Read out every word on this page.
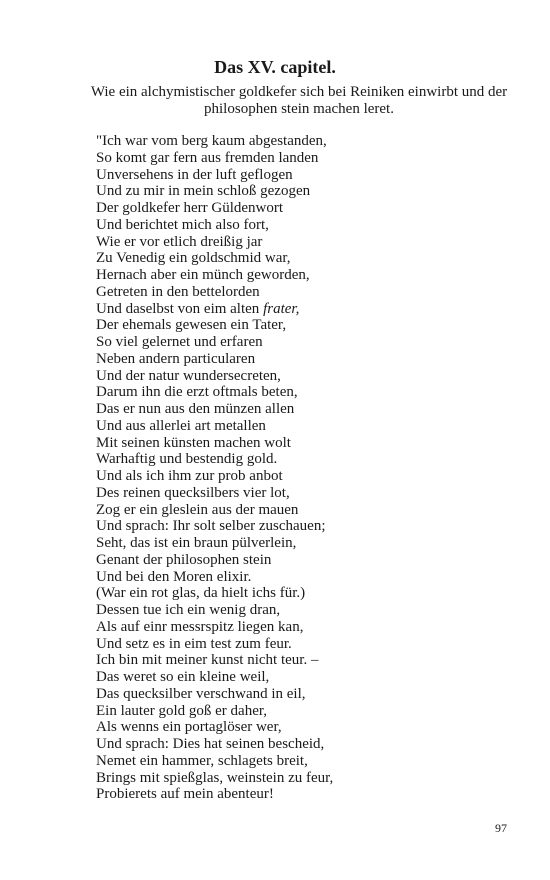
Das XV. capitel.

Wie ein alchymistischer goldkefer sich bei Reiniken einwirbt und der philosophen stein machen leret.

"Ich war vom berg kaum abgestanden,
So komt gar fern aus fremden landen
Unversehens in der luft geflogen
Und zu mir in mein schloß gezogen
Der goldkefer herr Güldenwort
Und berichtet mich also fort,
Wie er vor etlich dreißig jar
Zu Venedig ein goldschmid war,
Hernach aber ein münch geworden,
Getreten in den bettelorden
Und daselbst von eim alten frater,
Der ehemals gewesen ein Tater,
So viel gelernet und erfaren
Neben andern particularen
Und der natur wundersecreten,
Darum ihn die erzt oftmals beten,
Das er nun aus den münzen allen
Und aus allerlei art metallen
Mit seinen künsten machen wolt
Warhaftig und bestendig gold.
Und als ich ihm zur prob anbot
Des reinen quecksilbers vier lot,
Zog er ein gleslein aus der mauen
Und sprach: Ihr solt selber zuschauen;
Seht, das ist ein braun pülverlein,
Genant der philosophen stein
Und bei den Moren elixir.
(War ein rot glas, da hielt ichs für.)
Dessen tue ich ein wenig dran,
Als auf einr messrspitz liegen kan,
Und setz es in eim test zum feur.
Ich bin mit meiner kunst nicht teur. –
Das weret so ein kleine weil,
Das quecksilber verschwand in eil,
Ein lauter gold goß er daher,
Als wenns ein portaglöser wer,
Und sprach: Dies hat seinen bescheid,
Nemet ein hammer, schlagets breit,
Brings mit spießglas, weinstein zu feur,
Probierets auf mein abenteur!
97
